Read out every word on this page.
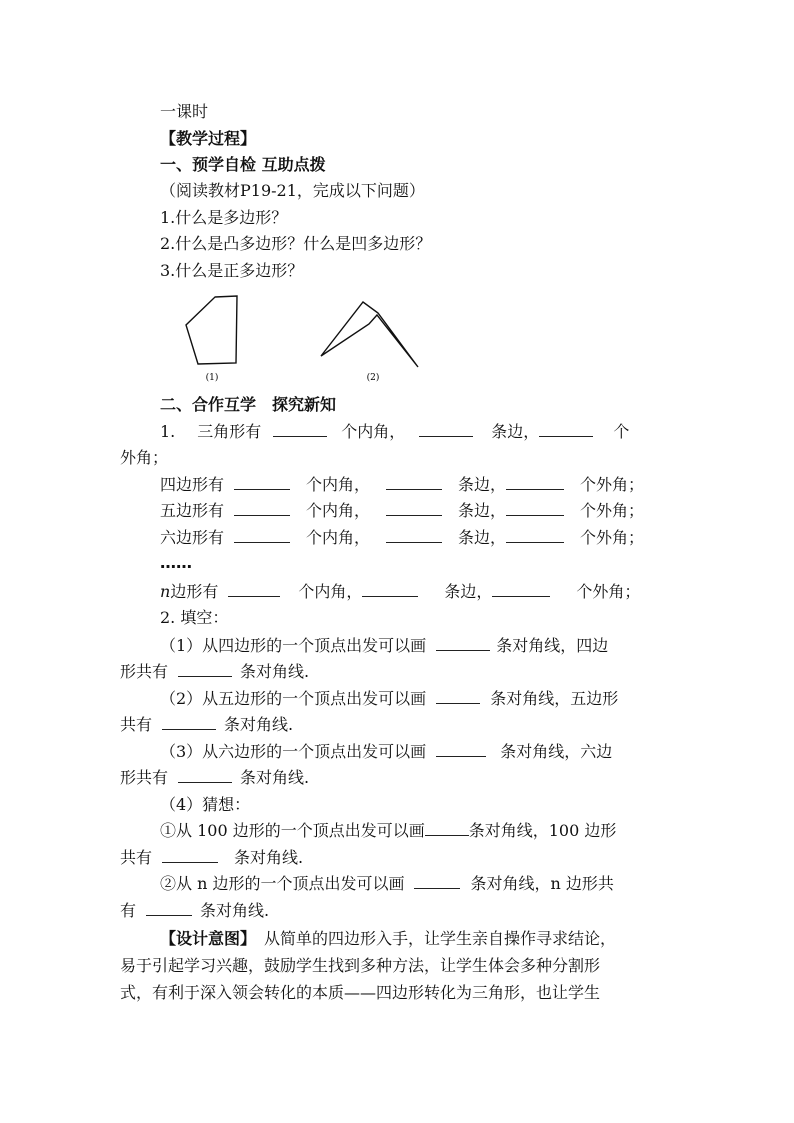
一课时
【教学过程】
一、预学自检 互助点拨
（阅读教材P19-21，完成以下问题）
1.什么是多边形？
2.什么是凸多边形？什么是凹多边形？
3.什么是正多边形？
(1)	(2)
二、合作互学　探究新知
1. 三角形有	个内角，	条边，	个
外角；
四边形有	个内角，	条边，	个外角；
五边形有	个内角，	条边，	个外角；
六边形有	个内角，	条边，	个外角；
……
n边形有	个内角，	条边，	个外角；
2. 填空：
（1）从四边形的一个顶点出发可以画	条对角线，四边
形共有	条对角线.
（2）从五边形的一个顶点出发可以画	条对角线，五边形
共有	条对角线.
（3）从六边形的一个顶点出发可以画	条对角线，六边
形共有	条对角线.
（4）猜想：
①从 100 边形的一个顶点出发可以画	条对角线，100 边形
共有	条对角线.
②从 n 边形的一个顶点出发可以画	条对角线，n 边形共
有	条对角线.
【设计意图】 从简单的四边形入手，让学生亲自操作寻求结论，
易于引起学习兴趣，鼓励学生找到多种方法，让学生体会多种分割形
式，有利于深入领会转化的本质——四边形转化为三角形，也让学生
